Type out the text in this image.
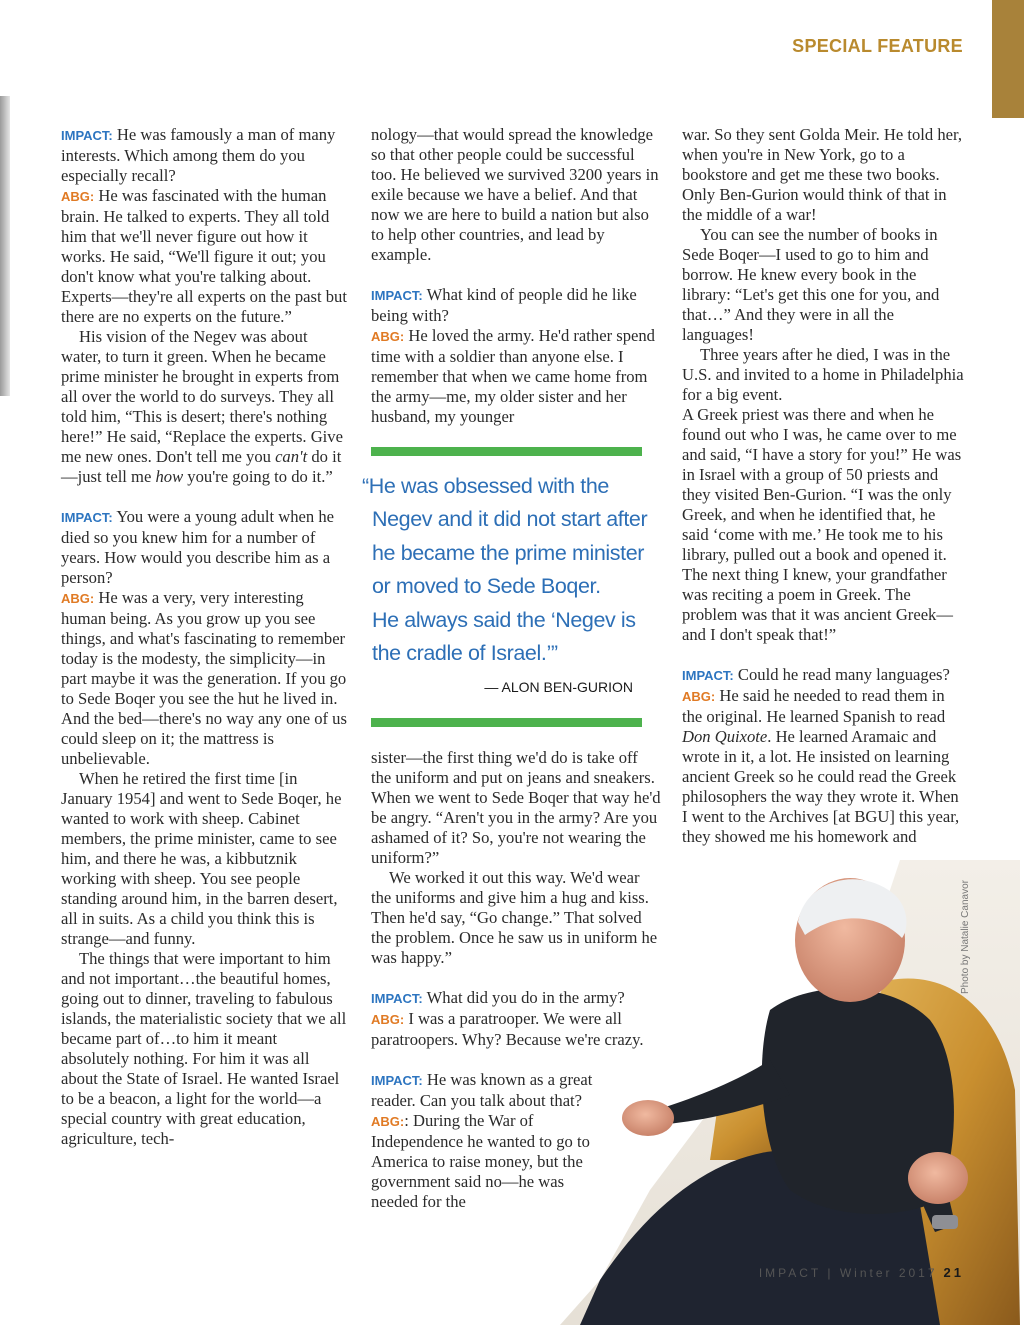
SPECIAL FEATURE

IMPACT: He was famously a man of many interests. Which among them do you especially recall?

ABG: He was fascinated with the human brain. He talked to experts. They all told him that we'll never figure out how it works. He said, “We'll figure it out; you don't know what you're talking about. Experts—they're all experts on the past but there are no experts on the future.”

His vision of the Negev was about water, to turn it green. When he became prime minister he brought in experts from all over the world to do surveys. They all told him, “This is desert; there's nothing here!” He said, “Replace the experts. Give me new ones. Don't tell me you can't do it—just tell me how you're going to do it.”

IMPACT: You were a young adult when he died so you knew him for a number of years. How would you describe him as a person?

ABG: He was a very, very interesting human being. As you grow up you see things, and what's fascinating to remember today is the modesty, the simplicity—in part maybe it was the generation. If you go to Sede Boqer you see the hut he lived in. And the bed—there's no way any one of us could sleep on it; the mattress is unbelievable.

When he retired the first time [in January 1954] and went to Sede Boqer, he wanted to work with sheep. Cabinet members, the prime minister, came to see him, and there he was, a kibbutznik working with sheep. You see people standing around him, in the barren desert, all in suits. As a child you think this is strange—and funny.

The things that were important to him and not important…the beautiful homes, going out to dinner, traveling to fabulous islands, the materialistic society that we all became part of…to him it meant absolutely nothing. For him it was all about the State of Israel. He wanted Israel to be a beacon, a light for the world—a special country with great education, agriculture, tech-

nology—that would spread the knowledge so that other people could be successful too. He believed we survived 3200 years in exile because we have a belief. And that now we are here to build a nation but also to help other countries, and lead by example.

IMPACT: What kind of people did he like being with?

ABG: He loved the army. He'd rather spend time with a soldier than anyone else. I remember that when we came home from the army—me, my older sister and her husband, my younger

“He was obsessed with the
Negev and it did not start after
he became the prime minister
or moved to Sede Boqer.
He always said the ‘Negev is
the cradle of Israel.’”
— ALON BEN-GURION

sister—the first thing we'd do is take off the uniform and put on jeans and sneakers. When we went to Sede Boqer that way he'd be angry. “Aren't you in the army? Are you ashamed of it? So, you're not wearing the uniform?”

We worked it out this way. We'd wear the uniforms and give him a hug and kiss. Then he'd say, “Go change.” That solved the problem. Once he saw us in uniform he was happy.”

IMPACT: What did you do in the army?

ABG: I was a paratrooper. We were all paratroopers. Why? Because we're crazy.

IMPACT: He was known as a great reader. Can you talk about that?

ABG:: During the War of Independence he wanted to go to America to raise money, but the government said no—he was needed for the

war. So they sent Golda Meir. He told her, when you're in New York, go to a bookstore and get me these two books. Only Ben-Gurion would think of that in the middle of a war!

You can see the number of books in Sede Boqer—I used to go to him and borrow. He knew every book in the library: “Let's get this one for you, and that…” And they were in all the languages!

Three years after he died, I was in the U.S. and invited to a home in Philadelphia for a big event.

A Greek priest was there and when he found out who I was, he came over to me and said, “I have a story for you!” He was in Israel with a group of 50 priests and they visited Ben-Gurion. “I was the only Greek, and when he identified that, he said ‘come with me.’ He took me to his library, pulled out a book and opened it. The next thing I knew, your grandfather was reciting a poem in Greek. The problem was that it was ancient Greek—and I don't speak that!”

IMPACT: Could he read many languages?

ABG: He said he needed to read them in the original. He learned Spanish to read Don Quixote. He learned Aramaic and wrote in it, a lot. He insisted on learning ancient Greek so he could read the Greek philosophers the way they wrote it. When I went to the Archives [at BGU] this year, they showed me his homework and

Photo by Natalie Canavor
IMPACT | Winter 2017 21
